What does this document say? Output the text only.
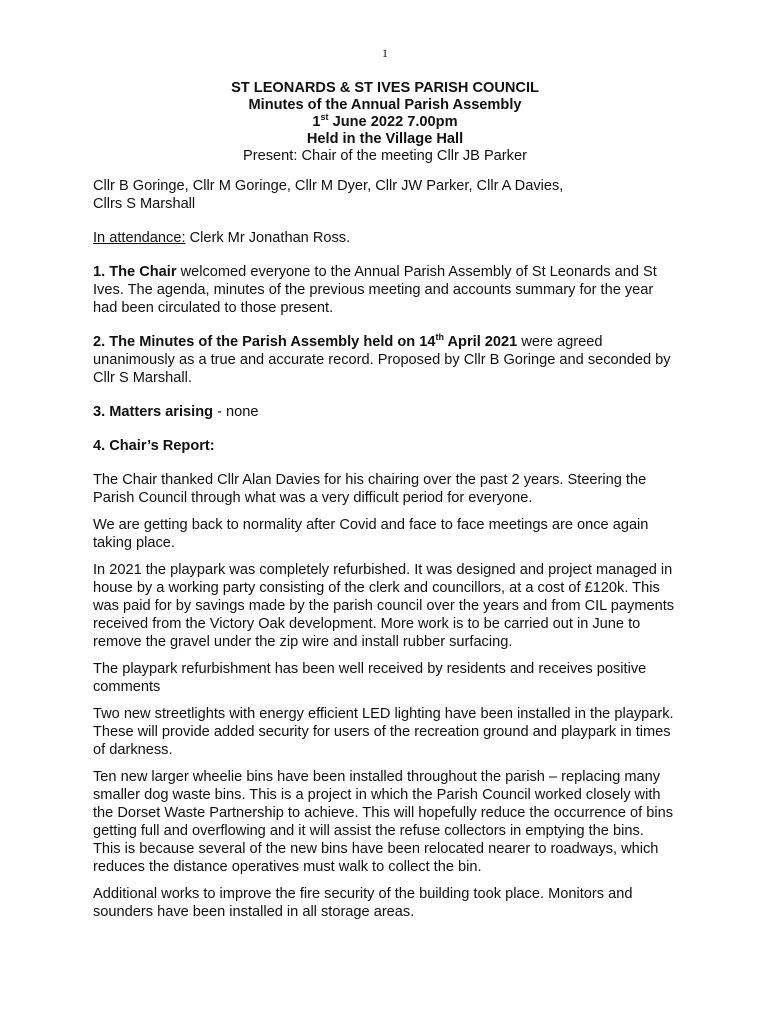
1
ST LEONARDS & ST IVES PARISH COUNCIL
Minutes of the Annual Parish Assembly
1st June 2022 7.00pm
Held in the Village Hall
Present: Chair of the meeting Cllr JB Parker

Cllr B Goringe, Cllr M Goringe, Cllr M Dyer, Cllr JW Parker, Cllr A Davies,
Cllrs S Marshall

In attendance: Clerk Mr Jonathan Ross.

1. The Chair welcomed everyone to the Annual Parish Assembly of St Leonards and St Ives. The agenda, minutes of the previous meeting and accounts summary for the year had been circulated to those present.

2. The Minutes of the Parish Assembly held on 14th April 2021 were agreed unanimously as a true and accurate record. Proposed by Cllr B Goringe and seconded by Cllr S Marshall.

3. Matters arising - none

4. Chair’s Report:

The Chair thanked Cllr Alan Davies for his chairing over the past 2 years. Steering the Parish Council through what was a very difficult period for everyone.

We are getting back to normality after Covid and face to face meetings are once again taking place.

In 2021 the playpark was completely refurbished. It was designed and project managed in house by a working party consisting of the clerk and councillors, at a cost of £120k. This was paid for by savings made by the parish council over the years and from CIL payments received from the Victory Oak development. More work is to be carried out in June to remove the gravel under the zip wire and install rubber surfacing.

The playpark refurbishment has been well received by residents and receives positive comments

Two new streetlights with energy efficient LED lighting have been installed in the playpark. These will provide added security for users of the recreation ground and playpark in times of darkness.

Ten new larger wheelie bins have been installed throughout the parish – replacing many smaller dog waste bins. This is a project in which the Parish Council worked closely with the Dorset Waste Partnership to achieve. This will hopefully reduce the occurrence of bins getting full and overflowing and it will assist the refuse collectors in emptying the bins. This is because several of the new bins have been relocated nearer to roadways, which reduces the distance operatives must walk to collect the bin.

Additional works to improve the fire security of the building took place. Monitors and sounders have been installed in all storage areas.
